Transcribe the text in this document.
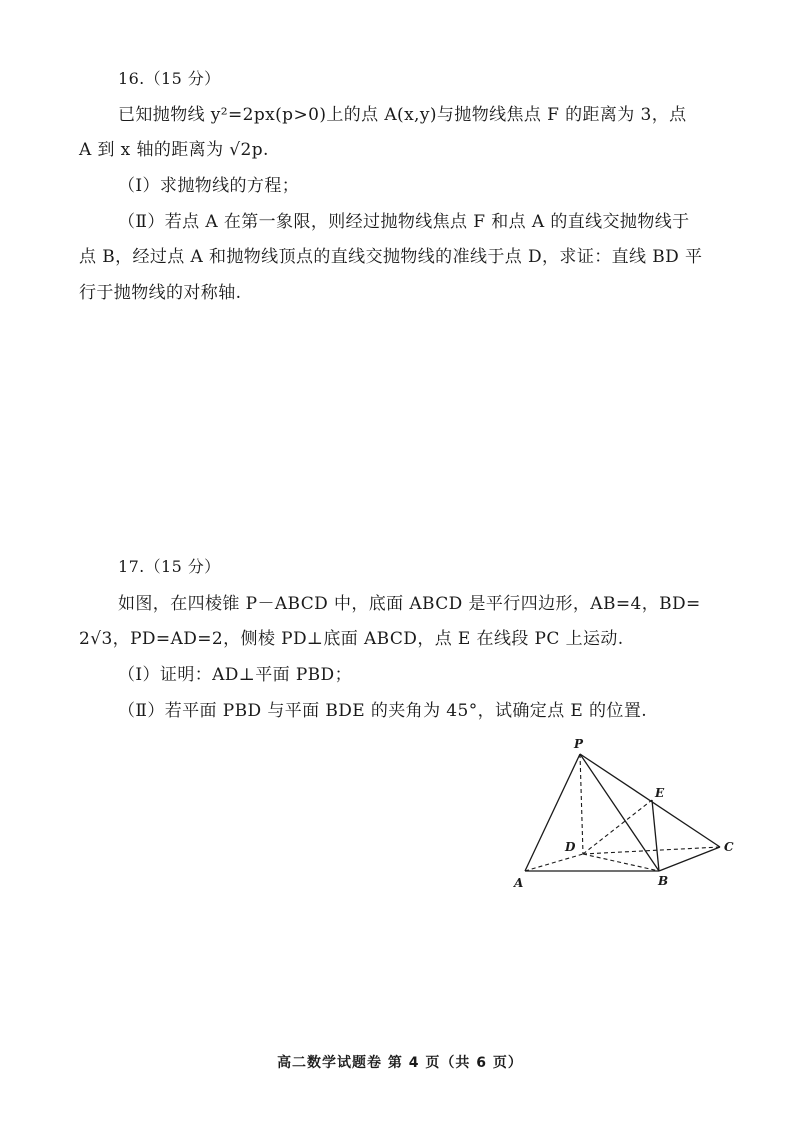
16.（15 分）
已知抛物线 y²=2px(p>0)上的点 A(x,y)与抛物线焦点 F 的距离为 3，点
A 到 x 轴的距离为 √2p.
（Ⅰ）求抛物线的方程；
（Ⅱ）若点 A 在第一象限，则经过抛物线焦点 F 和点 A 的直线交抛物线于
点 B，经过点 A 和抛物线顶点的直线交抛物线的准线于点 D，求证：直线 BD 平
行于抛物线的对称轴.
17.（15 分）
如图，在四棱锥 P－ABCD 中，底面 ABCD 是平行四边形，AB=4，BD=
2√3，PD=AD=2，侧棱 PD⊥底面 ABCD，点 E 在线段 PC 上运动.
（Ⅰ）证明：AD⊥平面 PBD；
（Ⅱ）若平面 PBD 与平面 BDE 的夹角为 45°，试确定点 E 的位置.
P
E
D	C
A	B
高二数学试题卷 第 4 页（共 6 页）
